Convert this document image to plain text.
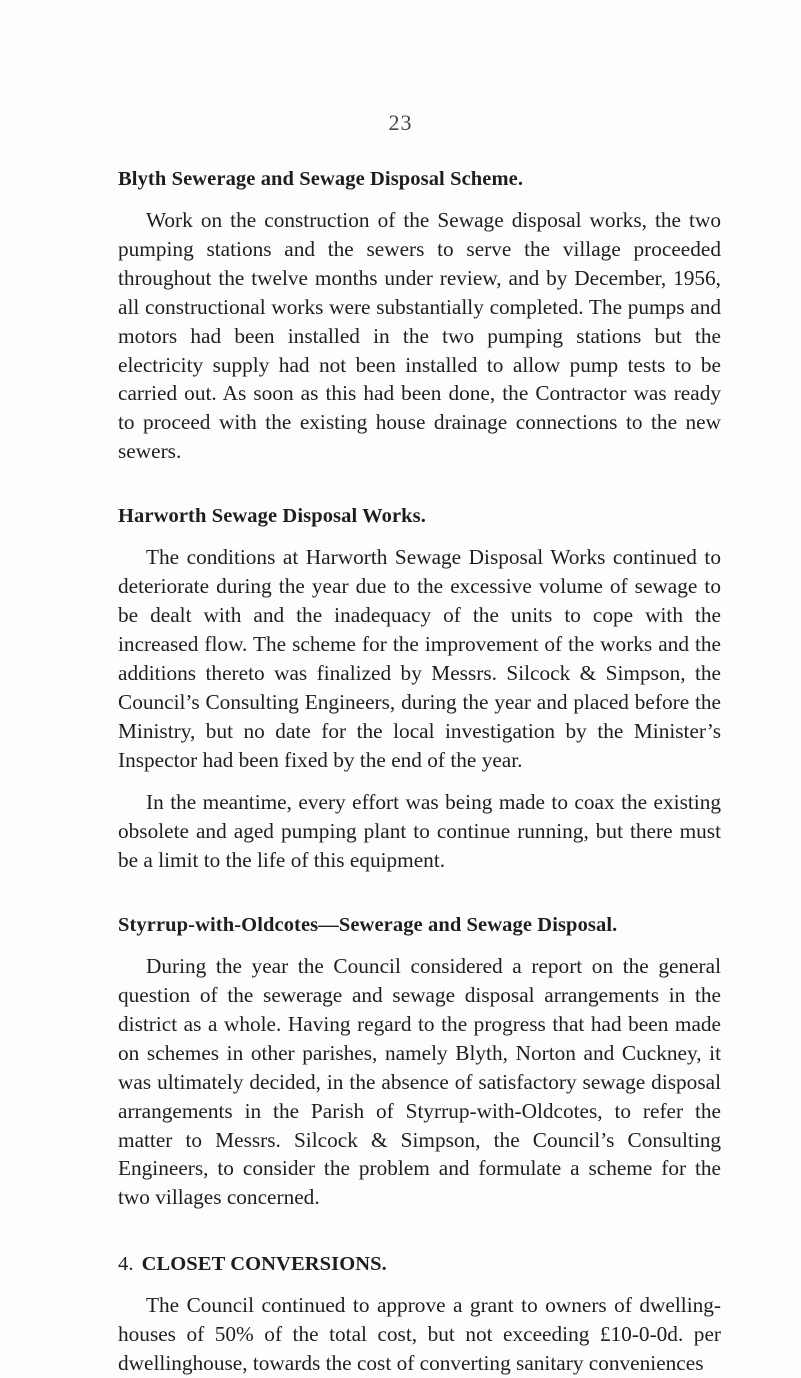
23
Blyth Sewerage and Sewage Disposal Scheme.

Work on the construction of the Sewage disposal works, the two pumping stations and the sewers to serve the village proceeded throughout the twelve months under review, and by December, 1956, all constructional works were substantially completed. The pumps and motors had been installed in the two pumping stations but the electricity supply had not been installed to allow pump tests to be carried out. As soon as this had been done, the Contractor was ready to proceed with the existing house drainage connections to the new sewers.

Harworth Sewage Disposal Works.

The conditions at Harworth Sewage Disposal Works continued to deteriorate during the year due to the excessive volume of sewage to be dealt with and the inadequacy of the units to cope with the increased flow. The scheme for the improvement of the works and the additions thereto was finalized by Messrs. Silcock & Simpson, the Council’s Consulting Engineers, during the year and placed before the Ministry, but no date for the local investigation by the Minister’s Inspector had been fixed by the end of the year.

In the meantime, every effort was being made to coax the existing obsolete and aged pumping plant to continue running, but there must be a limit to the life of this equipment.

Styrrup-with-Oldcotes—Sewerage and Sewage Disposal.

During the year the Council considered a report on the general question of the sewerage and sewage disposal arrangements in the district as a whole. Having regard to the progress that had been made on schemes in other parishes, namely Blyth, Norton and Cuckney, it was ultimately decided, in the absence of satisfactory sewage disposal arrangements in the Parish of Styrrup-with-Oldcotes, to refer the matter to Messrs. Silcock & Simpson, the Council’s Consulting Engineers, to consider the problem and formulate a scheme for the two villages concerned.

4. CLOSET CONVERSIONS.

The Council continued to approve a grant to owners of dwelling-houses of 50% of the total cost, but not exceeding £10-0-0d. per dwellinghouse, towards the cost of converting sanitary conveniences
